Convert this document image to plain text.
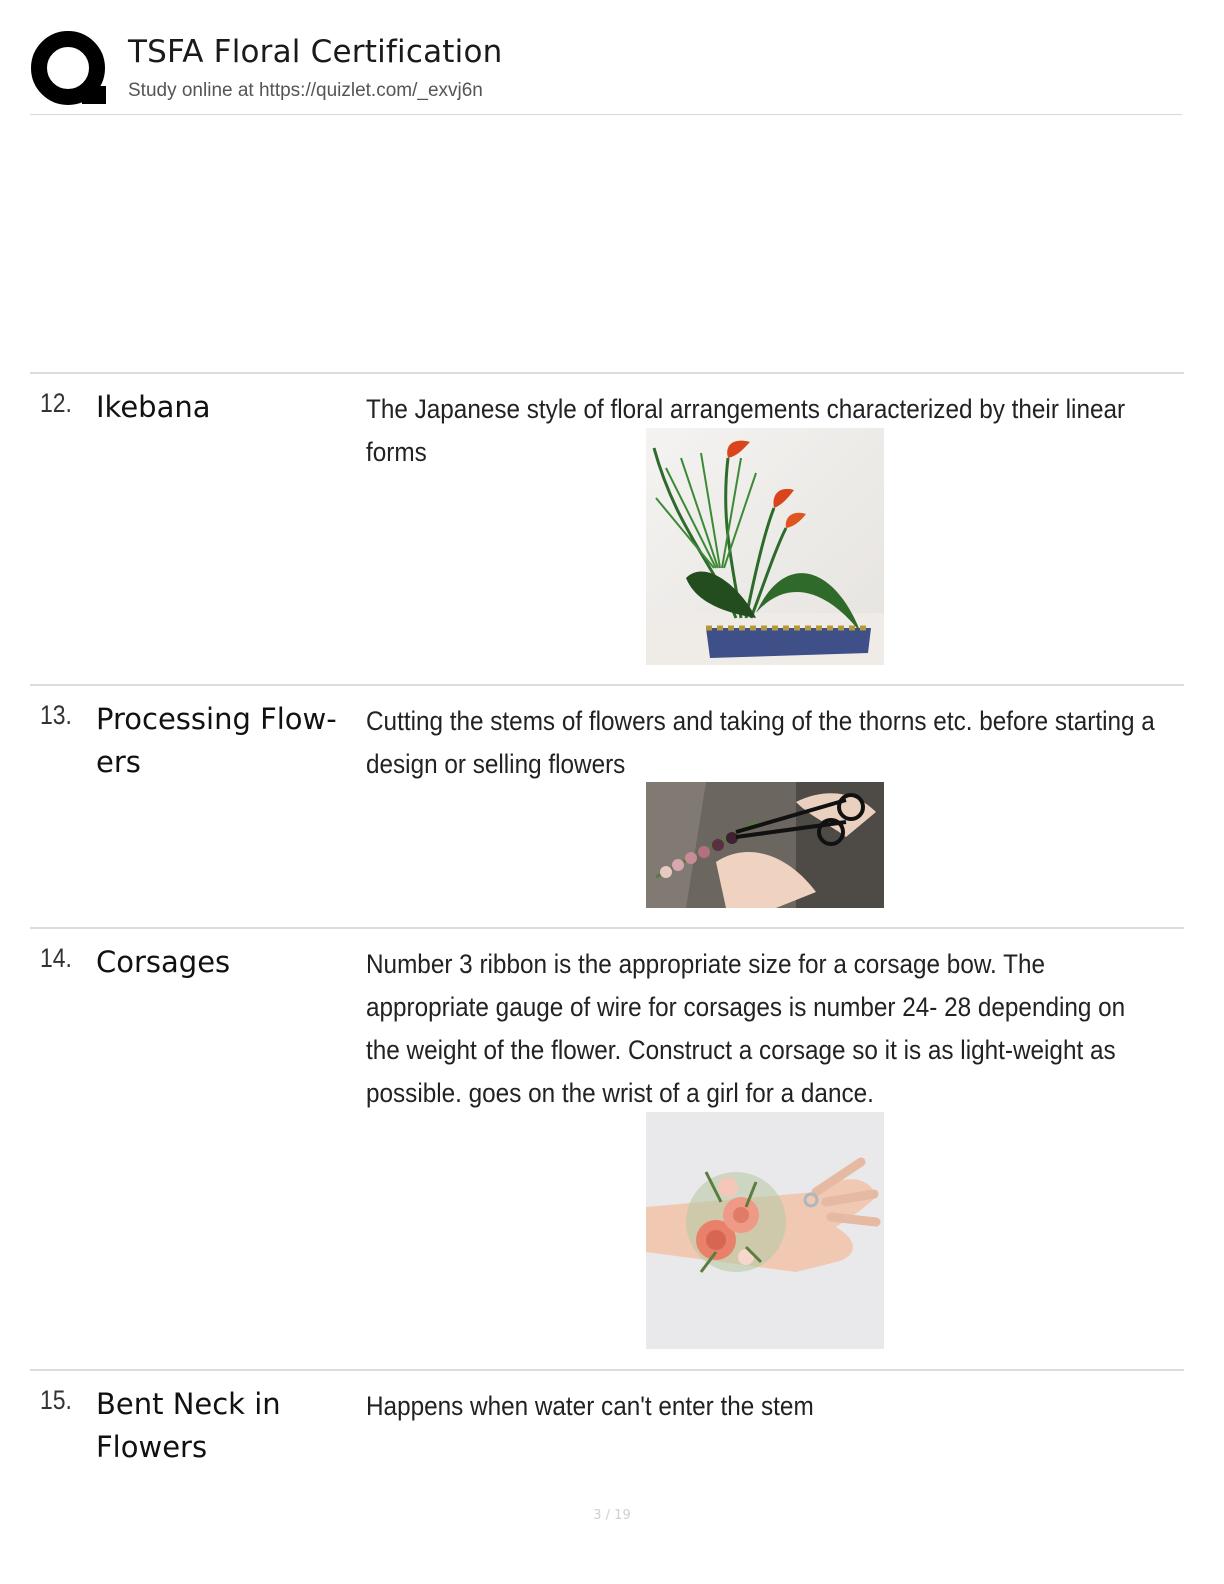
TSFA Floral Certification
Study online at https://quizlet.com/_exvj6n
12. Ikebana	The Japanese style of floral arrangements characterized by their linear forms
13. Processing Flow-
ers
Cutting the stems of flowers and taking of the thorns etc. before starting a design or selling flowers
14. Corsages	Number 3 ribbon is the appropriate size for a corsage bow. The appropriate gauge of wire for corsages is number 24- 28 depending on the weight of the flower. Construct a corsage so it is as light-weight as possible. goes on the wrist of a girl for a dance.
15. Bent Neck in
Flowers
Happens when water can't enter the stem
3 / 19
